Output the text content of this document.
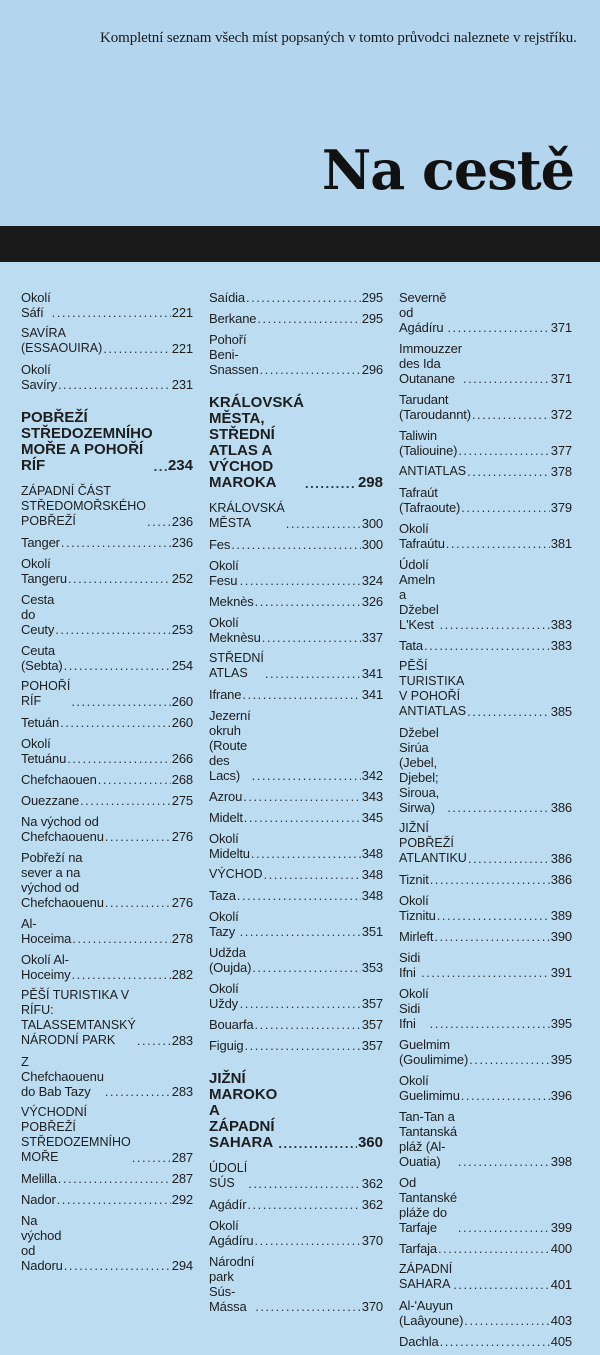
Kompletní seznam všech míst popsaných v tomto průvodci naleznete v rejstříku.
Na cestě
Okolí Sáfí .....	221
SAVÍRA (ESSAOUIRA) .....	221
Okolí Savíry .....	231
POBŘEŽÍ STŘEDOZEMNÍHO MOŘE A POHOŘÍ RÍF .....	234
ZÁPADNÍ ČÁST STŘEDOMOŘSKÉHO POBŘEŽÍ .....	236
Tanger .....	236
Okolí Tangeru .....	252
Cesta do Ceuty .....	253
Ceuta (Sebta) .....	254
POHOŘÍ RÍF .....	260
Tetuán .....	260
Okolí Tetuánu .....	266
Chefchaouen .....	268
Ouezzane .....	275
Na východ od Chefchaouenu .....	276
Pobřeží na sever a na východ od Chefchaouenu .....	276
Al-Hoceima .....	278
Okolí Al-Hoceimy .....	282
PĚŠÍ TURISTIKA V RÍFU: TALASSEMTANSKÝ NÁRODNÍ PARK .....	283
Z Chefchaouenu do Bab Tazy .....	283
VÝCHODNÍ POBŘEŽÍ STŘEDOZEMNÍHO MOŘE .....	287
Melilla .....	287
Nador .....	292
Na východ od Nadoru .....	294
Saídia .....	295
Berkane .....	295
Pohoří Beni-Snassen .....	296
KRÁLOVSKÁ MĚSTA, STŘEDNÍ ATLAS A VÝCHOD MAROKA .....	298
KRÁLOVSKÁ MĚSTA .....	300
Fes .....	300
Okolí Fesu .....	324
Meknès .....	326
Okolí Meknèsu .....	337
STŘEDNÍ ATLAS .....	341
Ifrane .....	341
Jezerní okruh (Route des Lacs) .....	342
Azrou .....	343
Midelt .....	345
Okolí Mideltu .....	348
VÝCHOD .....	348
Taza .....	348
Okolí Tazy .....	351
Udžda (Oujda) .....	353
Okolí Uždy .....	357
Bouarfa .....	357
Figuig .....	357
JIŽNÍ MAROKO A ZÁPADNÍ SAHARA .....	360
ÚDOLÍ SÚS .....	362
Agádír .....	362
Okolí Agádíru .....	370
Národní park Sús-Mássa .....	370
Severně od Agádíru .....	371
Immouzzer des Ida Outanane .....	371
Tarudant (Taroudannt) .....	372
Taliwin (Taliouine) .....	377
ANTIATLAS .....	378
Tafraút (Tafraoute) .....	379
Okolí Tafraútu .....	381
Údolí Ameln a Džebel L'Kest .....	383
Tata .....	383
PĚŠÍ TURISTIKA V POHOŘÍ ANTIATLAS .....	385
Džebel Sirúa (Jebel, Djebel; Siroua, Sirwa) .....	386
JIŽNÍ POBŘEŽÍ ATLANTIKU .....	386
Tiznit .....	386
Okolí Tiznitu .....	389
Mirleft .....	390
Sidi Ifni .....	391
Okolí Sidi Ifni .....	395
Guelmim (Goulimime) .....	395
Okolí Guelimimu .....	396
Tan-Tan a Tantanská pláž (Al-Ouatia) .....	398
Od Tantanské pláže do Tarfaje .....	399
Tarfaja .....	400
ZÁPADNÍ SAHARA .....	401
Al-'Auyun (Laâyoune) .....	403
Dachla .....	405
